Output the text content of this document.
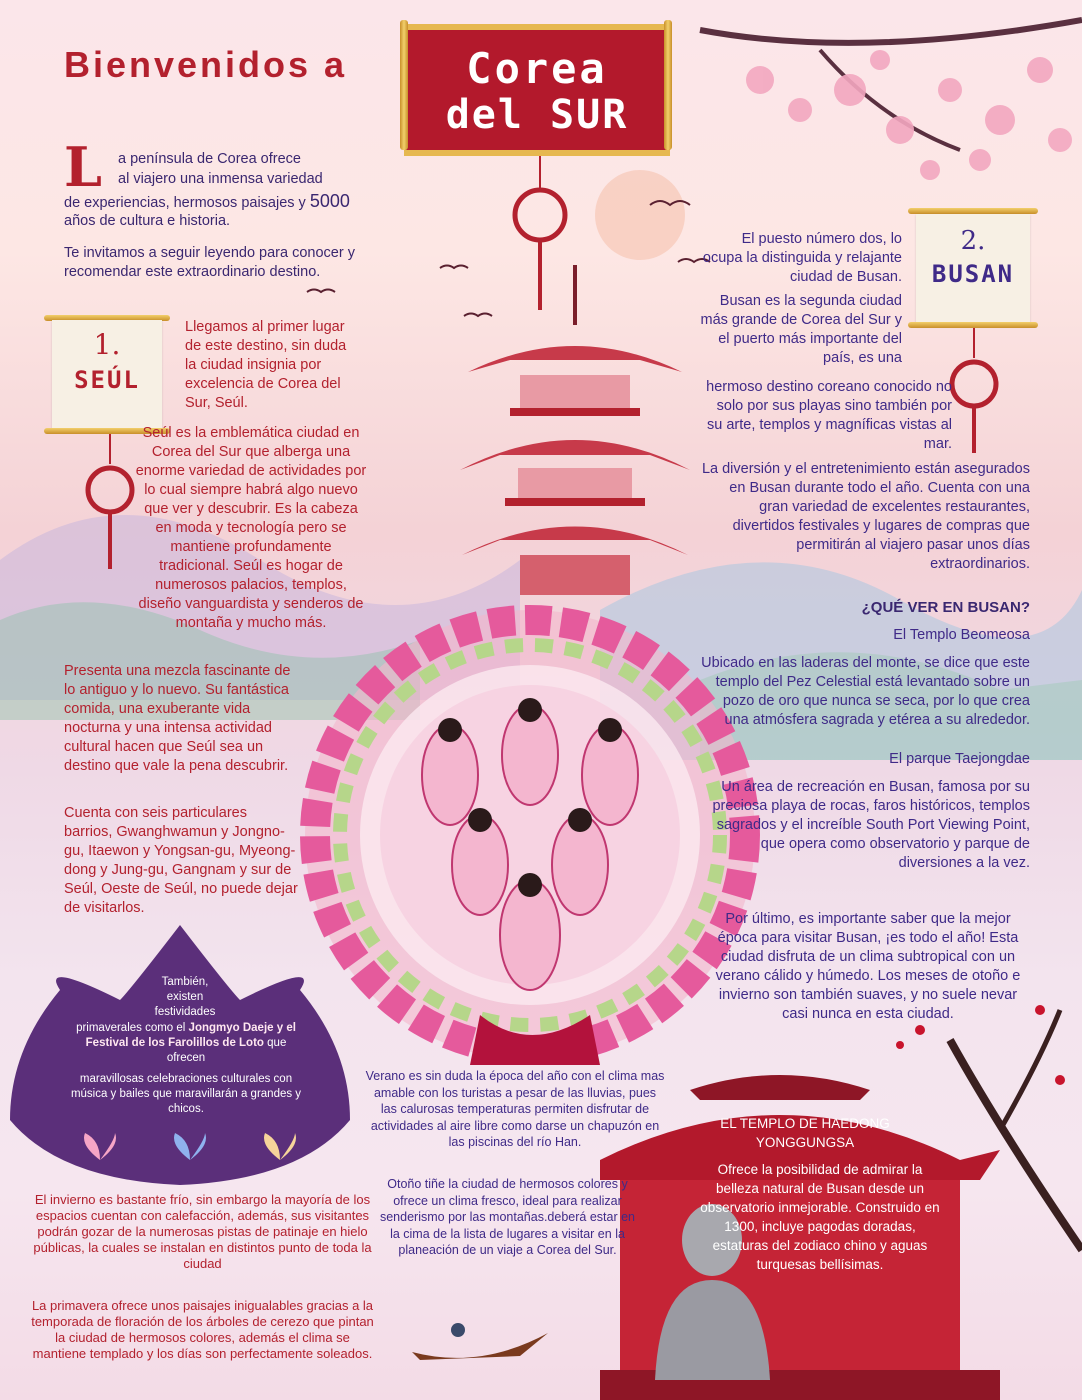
Bienvenidos a	Corea
del SUR
L a península de Corea ofrece

al viajero una inmensa variedad

de experiencias, hermosos paisajes y 5000

años de cultura e historia.

Te invitamos a seguir leyendo para conocer y recomendar este extraordinario destino.

1.
SEÚL

Llegamos al primer lugar de este destino, sin duda la ciudad insignia por excelencia de Corea del Sur, Seúl.

Seúl es la emblemática ciudad en Corea del Sur que alberga una enorme variedad de actividades por lo cual siempre habrá algo nuevo que ver y descubrir. Es la cabeza en moda y tecnología pero se mantiene profundamente tradicional. Seúl es hogar de numerosos palacios, templos, diseño vanguardista y senderos de montaña y mucho más.

Presenta una mezcla fascinante de lo antiguo y lo nuevo. Su fantástica comida, una exuberante vida nocturna y una intensa actividad cultural hacen que Seúl sea un destino que vale la pena descubrir.

Cuenta con seis particulares barrios, Gwanghwamun y Jongno-gu, Itaewon y Yongsan-gu, Myeong-dong y Jung-gu, Gangnam y sur de Seúl, Oeste de Seúl, no puede dejar de visitarlos.

También, existen festividades

primaverales como el Jongmyo Daeje y el Festival de los Farolillos de Loto que ofrecen

maravillosas celebraciones culturales con música y bailes que maravillarán a grandes y chicos.

El invierno es bastante frío, sin embargo la mayoría de los espacios cuentan con calefacción, además, sus visitantes podrán gozar de la numerosas pistas de patinaje en hielo públicas, la cuales se instalan en distintos punto de toda la ciudad

La primavera ofrece unos paisajes inigualables gracias a la temporada de floración de los árboles de cerezo que pintan la ciudad de hermosos colores, además el clima se mantiene templado y los días son perfectamente soleados.

Verano es sin duda la época del año con el clima mas amable con los turistas a pesar de las lluvias, pues las calurosas temperaturas permiten disfrutar de actividades al aire libre como darse un chapuzón en las piscinas del río Han.

Otoño tiñe la ciudad de hermosos colores y ofrece un clima fresco, ideal para realizar senderismo por las montañas.deberá estar en la cima de la lista de lugares a visitar en la planeación de un viaje a Corea del Sur.

2.
BUSAN

El puesto número dos, lo ocupa la distinguida y relajante ciudad de Busan.

Busan es la segunda ciudad más grande de Corea del Sur y el puerto más importante del país, es una

hermoso destino coreano conocido no solo por sus playas sino también por su arte, templos y magníficas vistas al mar.

La diversión y el entretenimiento están asegurados en Busan durante todo el año. Cuenta con una gran variedad de excelentes restaurantes, divertidos festivales y lugares de compras que permitirán al viajero pasar unos días extraordinarios.

¿QUÉ VER EN BUSAN?

El Templo Beomeosa

Ubicado en las laderas del monte, se dice que este templo del Pez Celestial está levantado sobre un pozo de oro que nunca se seca, por lo que crea una atmósfera sagrada y etérea a su alrededor.

El parque Taejongdae

Un área de recreación en Busan, famosa por su preciosa playa de rocas, faros históricos, templos sagrados y el increíble South Port Viewing Point, que opera como observatorio y parque de diversiones a la vez.

Por último, es importante saber que la mejor época para visitar Busan, ¡es todo el año! Esta ciudad disfruta de un clima subtropical con un verano cálido y húmedo. Los meses de otoño e invierno son también suaves, y no suele nevar casi nunca en esta ciudad.

EL TEMPLO DE HAEDONG YONGGUNGSA

Ofrece la posibilidad de admirar la belleza natural de Busan desde un observatorio inmejorable. Construido en 1300, incluye pagodas doradas, estaturas del zodiaco chino y aguas turquesas bellísimas.
